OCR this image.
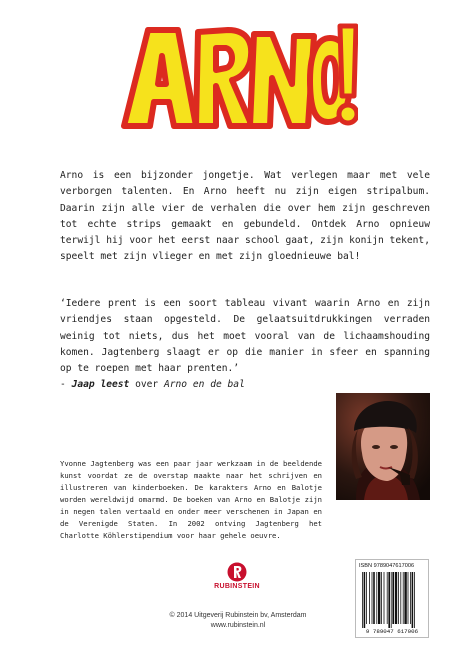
Arno is een bijzonder jongetje. Wat verlegen maar met vele verborgen talenten. En Arno heeft nu zijn eigen stripalbum. Daarin zijn alle vier de verhalen die over hem zijn geschreven tot echte strips gemaakt en gebundeld. Ontdek Arno opnieuw terwijl hij voor het eerst naar school gaat, zijn konijn tekent, speelt met zijn vlieger en met zijn gloednieuwe bal!

‘Iedere prent is een soort tableau vivant waarin Arno en zijn vriendjes staan opgesteld. De gelaatsuitdrukkingen verraden weinig tot niets, dus het moet vooral van de lichaamshouding komen. Jagtenberg slaagt er op die manier in sfeer en spanning op te roepen met haar prenten.’
- Jaap leest over Arno en de bal

Yvonne Jagtenberg was een paar jaar werkzaam in de beeldende kunst voordat ze de overstap maakte naar het schrijven en illustreren van kinderboeken. De karakters Arno en Balotje worden wereldwijd omarmd. De boeken van Arno en Balotje zijn in negen talen vertaald en onder meer verschenen in Japan en de Verenigde Staten. In 2002 ontving Jagtenberg het Charlotte Köhlerstipendium voor haar gehele oeuvre.

RUBINSTEIN
© 2014 Uitgeverij Rubinstein bv, Amsterdam
www.rubinstein.nl
ISBN 9789047617006
9 789047 617006
